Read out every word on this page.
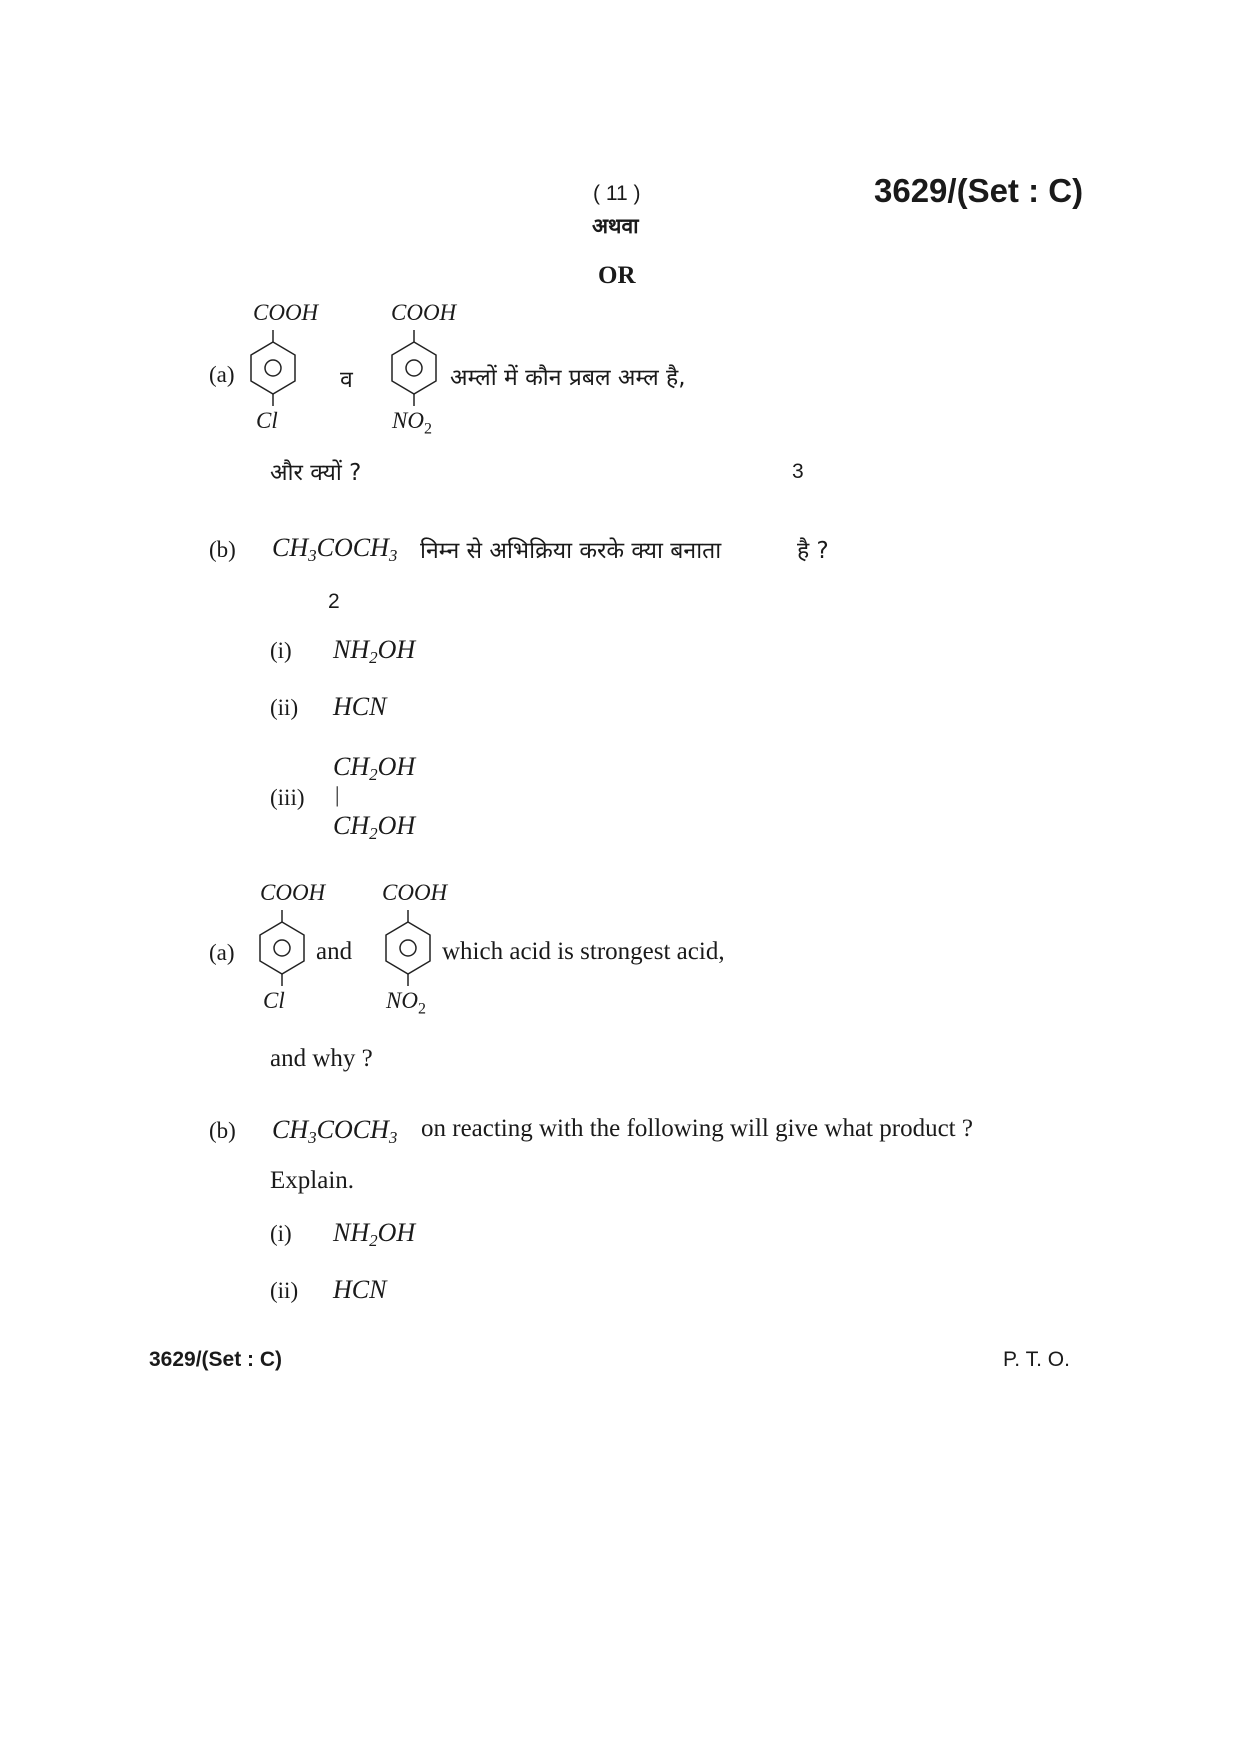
( 11 )	3629/(Set : C)
अथवा
OR
(a)
COOH
Cl
व
COOH
$NO_2$
अम्लों में कौन प्रबल अम्ल है,
और क्यों ?	3
(b) $CH_3COCH_3$ निम्न से अभिक्रिया करके क्या बनाता	है ?
2
(i) $NH_2OH$
(ii) HCN
(iii)
$CH_2OH$
|
$CH_2OH$
(a)
COOH
Cl
and
COOH
$NO_2$
which acid is strongest acid,
and why ?
(b) $CH_3COCH_3$ on reacting with the following will give what product ?
Explain.
(i) $NH_2OH$
(ii) HCN
3629/(Set : C)	P. T. O.
